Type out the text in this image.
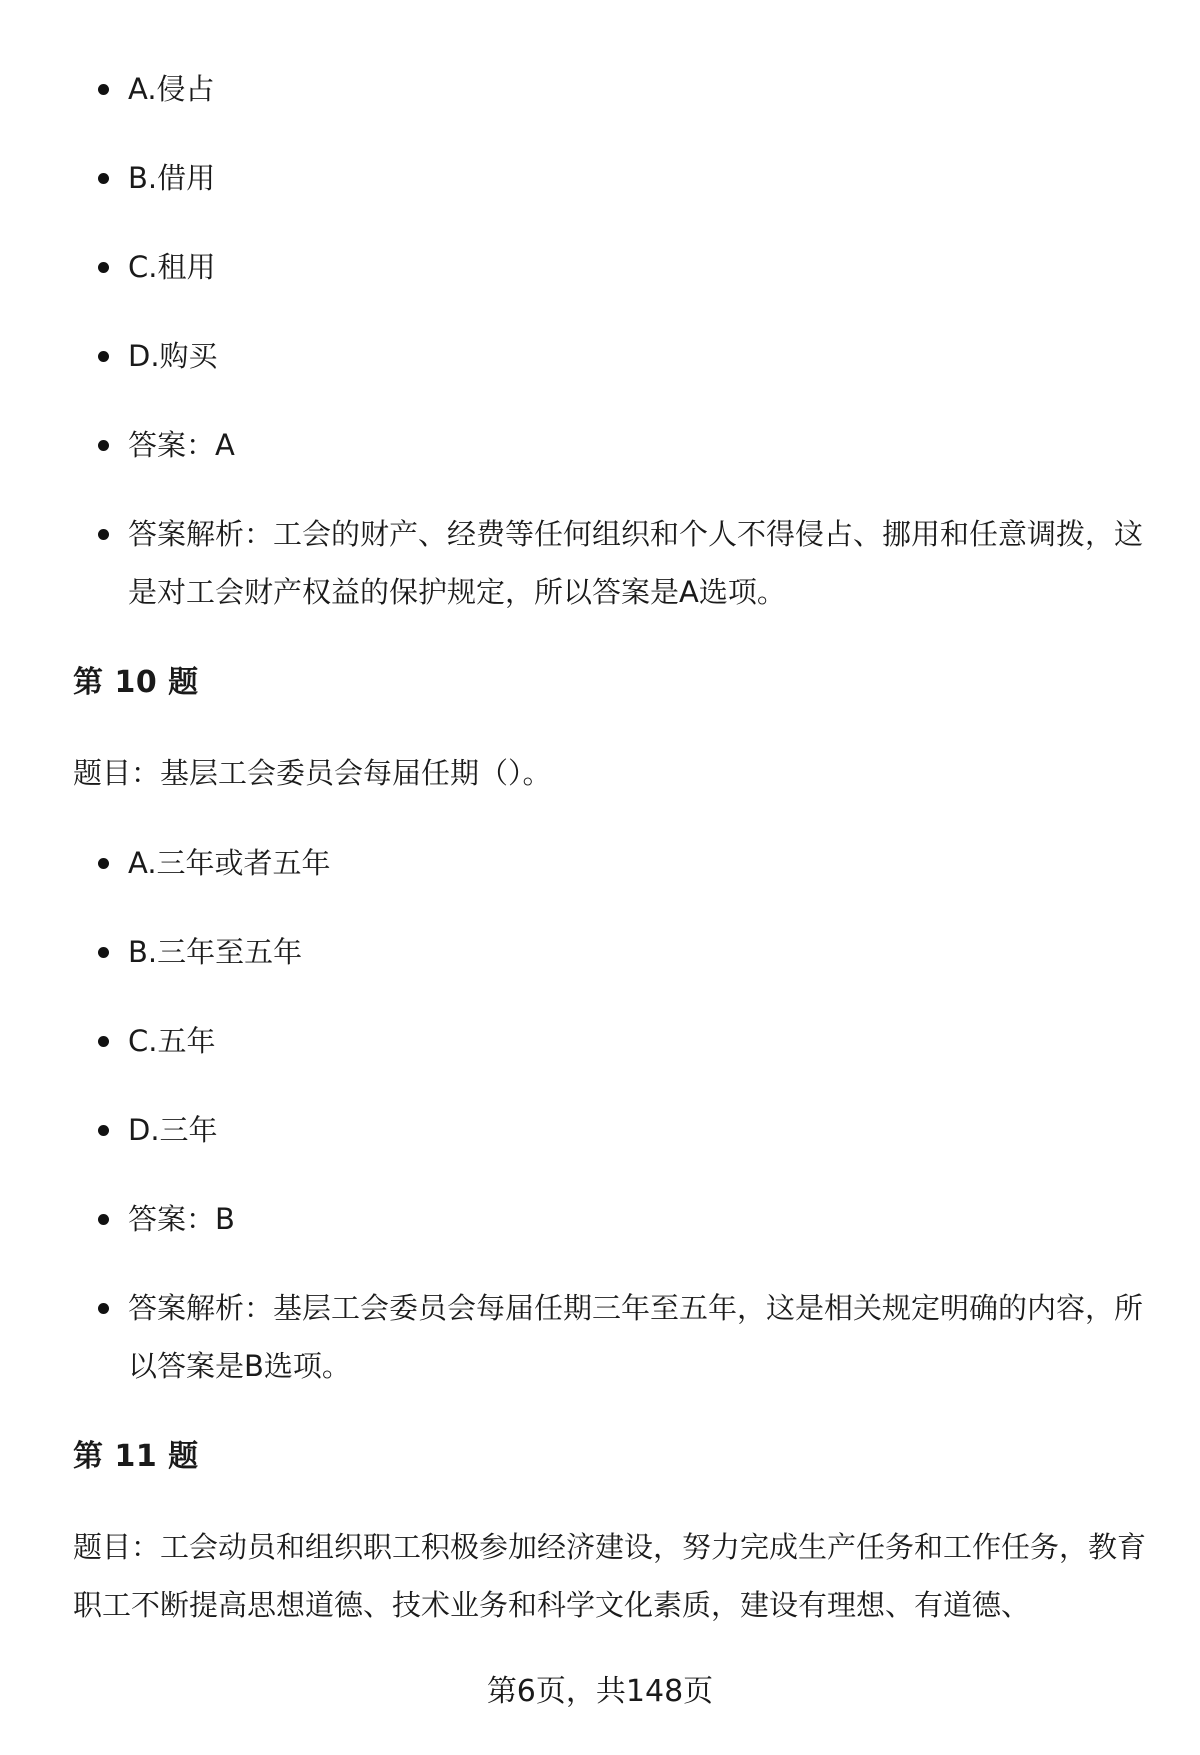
A.侵占
B.借用
C.租用
D.购买
答案：A
答案解析：工会的财产、经费等任何组织和个人不得侵占、挪用和任意调拨，这是对工会财产权益的保护规定，所以答案是A选项。
第 10 题
题目：基层工会委员会每届任期（）。
A.三年或者五年
B.三年至五年
C.五年
D.三年
答案：B
答案解析：基层工会委员会每届任期三年至五年，这是相关规定明确的内容，所以答案是B选项。
第 11 题
题目：工会动员和组织职工积极参加经济建设，努力完成生产任务和工作任务，教育职工不断提高思想道德、技术业务和科学文化素质，建设有理想、有道德、
第6页，共148页
